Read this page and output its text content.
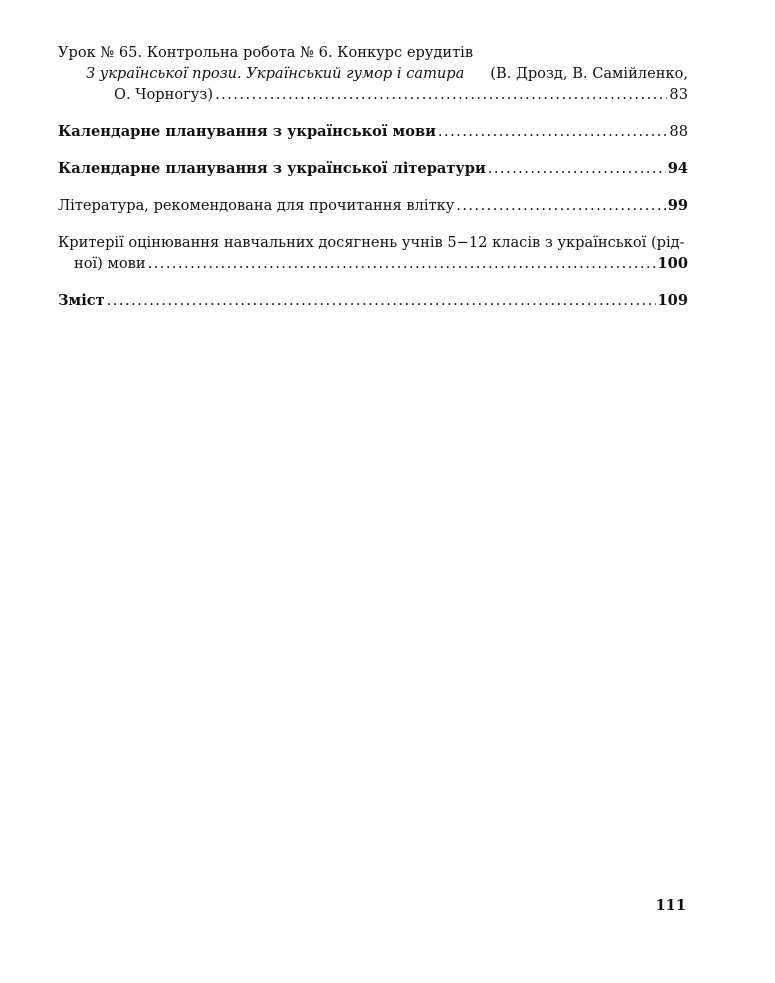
Урок № 65. Контрольна робота № 6. Конкурс ерудитів
З української прози. Український гумор і сатира (В. Дрозд, В. Самійленко,
О. Чорногуз) . . .	83
Календарне планування з української мови . . .	88
Календарне планування з української літератури . . .	94
Література, рекомендована для прочитання влітку . . .	99
Критерії оцінювання навчальних досягнень учнів 5−12 класів з української (рід-
ної) мови . . .	100
Зміст . . .	109
111
